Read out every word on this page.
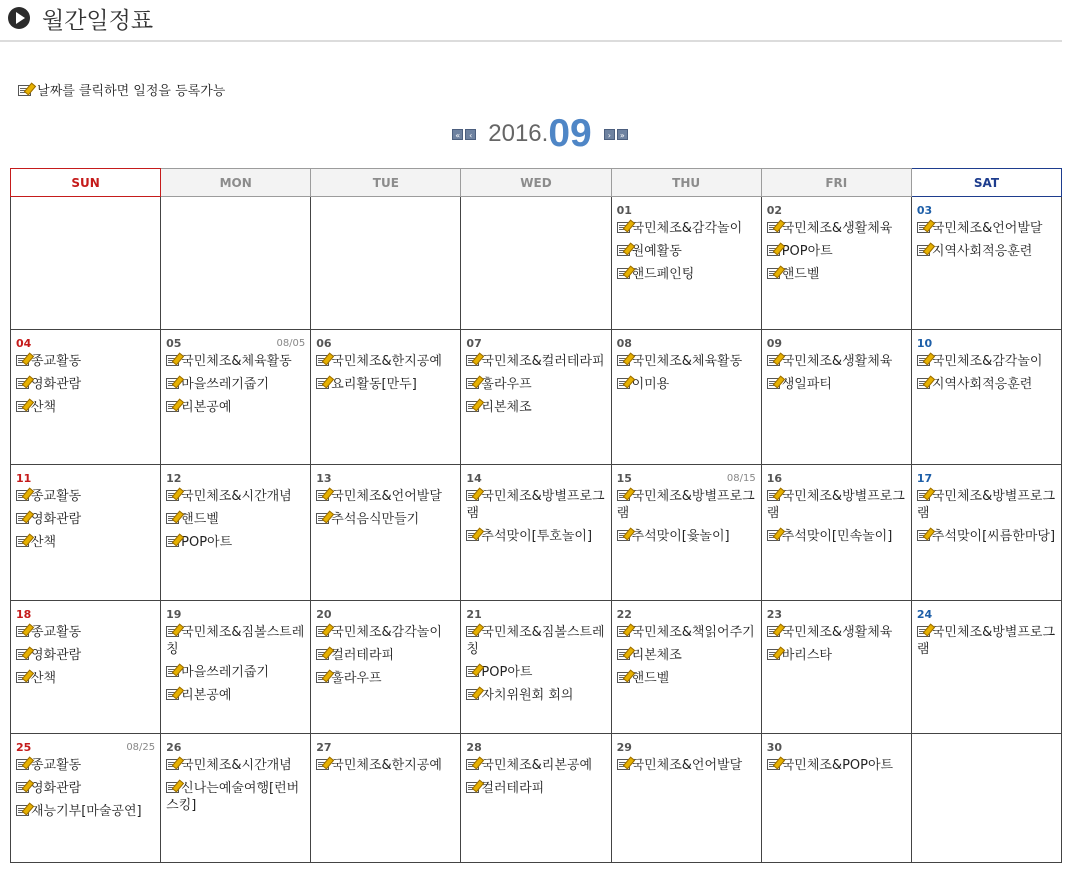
월간일정표
날짜를 클릭하면 일정을 등록가능
« ‹ 2016.09 › »
SUN	MON	TUE	WED	THU	FRI	SAT

				01
국민체조&감각놀이
원예활동
핸드페인팅	02
국민체조&생활체육
POP아트
핸드벨	03
국민체조&언어발달
지역사회적응훈련

04
종교활동
영화관람
산책	05 08/05
국민체조&체육활동
마을쓰레기줍기
리본공예	06
국민체조&한지공예
요리활동[만두]	07
국민체조&컬러테라피
훌라우프
리본체조	08
국민체조&체육활동
이미용	09
국민체조&생활체육
생일파티	10
국민체조&감각놀이
지역사회적응훈련

11
종교활동
영화관람
산책	12
국민체조&시간개념
핸드벨
POP아트	13
국민체조&언어발달
추석음식만들기	14
국민체조&방별프로그램
추석맞이[투호놀이]	15 08/15
국민체조&방별프로그램
추석맞이[윷놀이]	16
국민체조&방별프로그램
추석맞이[민속놀이]	17
국민체조&방별프로그램
추석맞이[씨름한마당]

18
종교활동
영화관람
산책	19
국민체조&짐볼스트레칭
마을쓰레기줍기
리본공예	20
국민체조&감각놀이
컬러테라피
훌라우프	21
국민체조&짐볼스트레칭
POP아트
자치위원회 회의	22
국민체조&책읽어주기
리본체조
핸드벨	23
국민체조&생활체육
바리스타	24
국민체조&방별프로그램

25 08/25
종교활동
영화관람
재능기부[마술공연]	26
국민체조&시간개념
신나는예술여행[런버스킹]	27
국민체조&한지공예	28
국민체조&리본공예
컬러테라피	29
국민체조&언어발달	30
국민체조&POP아트	
